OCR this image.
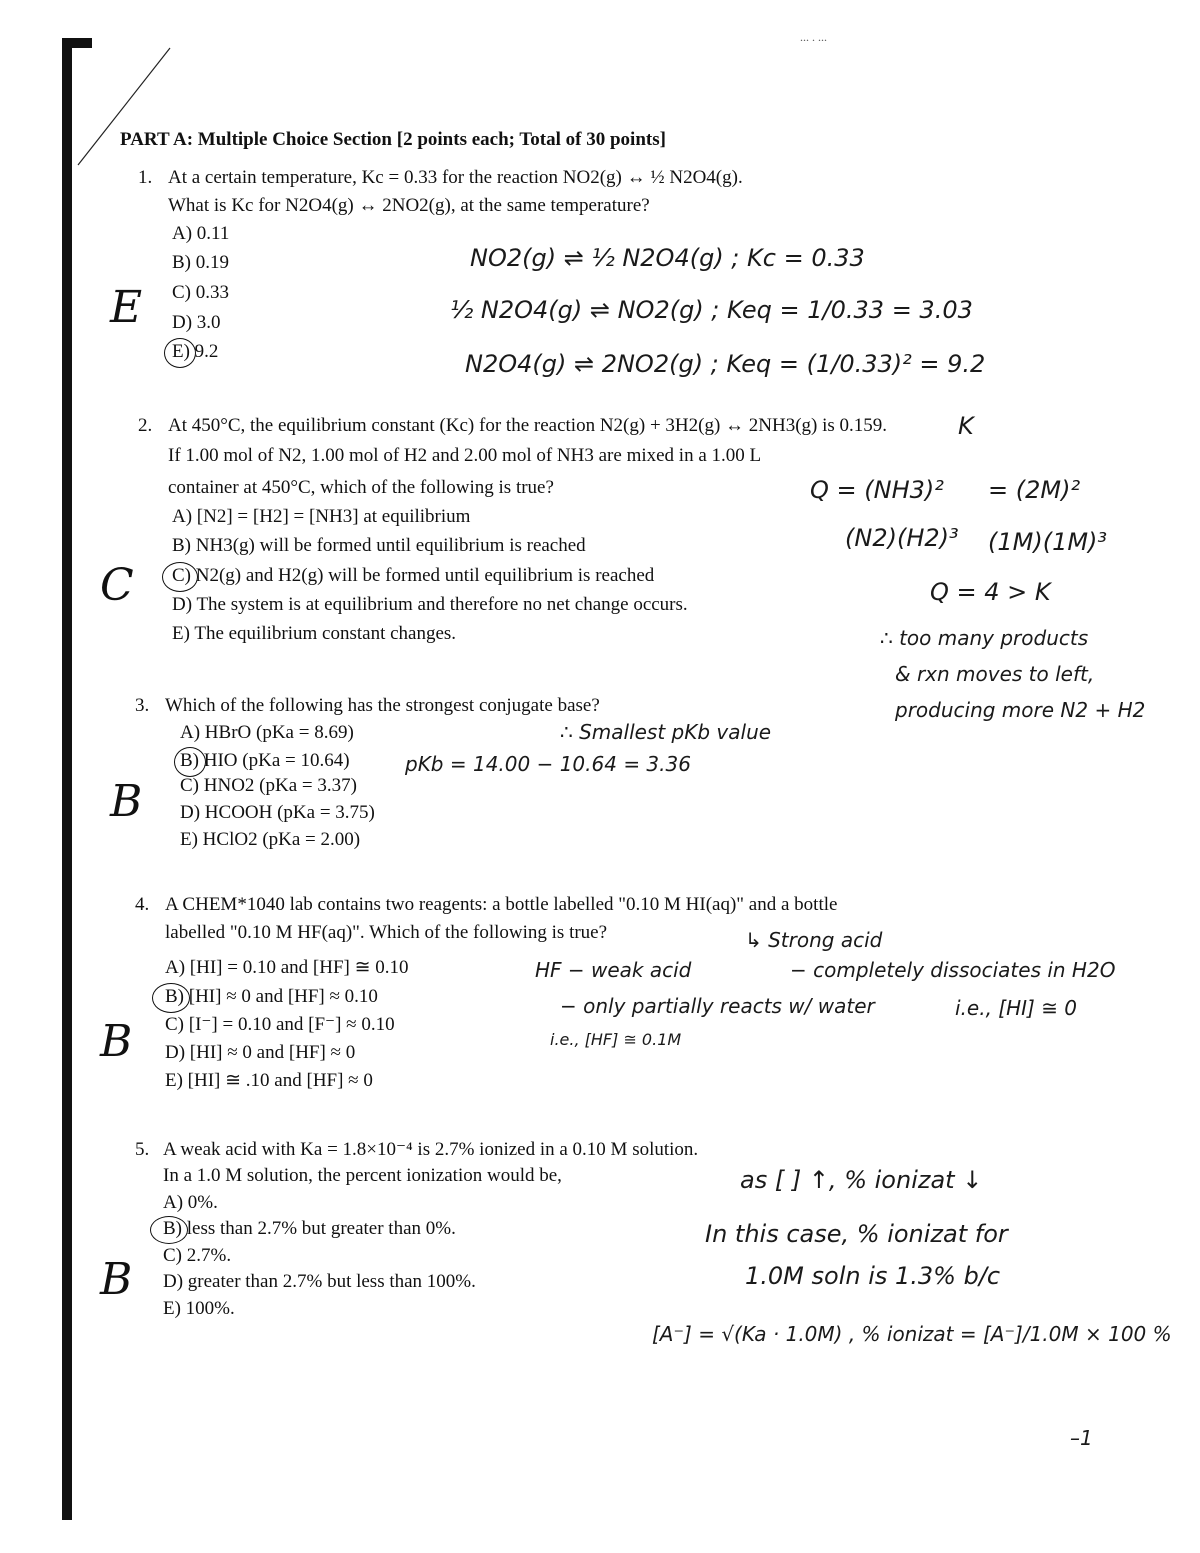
... . ...
PART A: Multiple Choice Section [2 points each; Total of 30 points]
1. At a certain temperature, Kc = 0.33 for the reaction NO2(g) ↔ ½ N2O4(g).
What is Kc for N2O4(g) ↔ 2NO2(g), at the same temperature?
A) 0.11
B) 0.19
C) 0.33
D) 3.0
E) 9.2
E
NO2(g) ⇌ ½ N2O4(g) ; Kc = 0.33
½ N2O4(g) ⇌ NO2(g) ; Keq = 1/0.33 = 3.03
N2O4(g) ⇌ 2NO2(g) ; Keq = (1/0.33)² = 9.2
2. At 450°C, the equilibrium constant (Kc) for the reaction N2(g) + 3H2(g) ↔ 2NH3(g) is 0.159.
If 1.00 mol of N2, 1.00 mol of H2 and 2.00 mol of NH3 are mixed in a 1.00 L
container at 450°C, which of the following is true?
A) [N2] = [H2] = [NH3] at equilibrium
B) NH3(g) will be formed until equilibrium is reached
C) N2(g) and H2(g) will be formed until equilibrium is reached
D) The system is at equilibrium and therefore no net change occurs.
E) The equilibrium constant changes.
C
K
Q = (NH3)²
(N2)(H2)³
= (2M)²
(1M)(1M)³
Q = 4 > K
∴ too many products
& rxn moves to left,
producing more N2 + H2
3. Which of the following has the strongest conjugate base?
A) HBrO (pKa = 8.69)
B) HIO (pKa = 10.64)
C) HNO2 (pKa = 3.37)
D) HCOOH (pKa = 3.75)
E) HClO2 (pKa = 2.00)
B
∴ Smallest pKb value
pKb = 14.00 − 10.64 = 3.36
4. A CHEM*1040 lab contains two reagents: a bottle labelled "0.10 M HI(aq)" and a bottle
labelled "0.10 M HF(aq)". Which of the following is true?
A) [HI] = 0.10 and [HF] ≅ 0.10
B) [HI] ≈ 0 and [HF] ≈ 0.10
C) [I⁻] = 0.10 and [F⁻] ≈ 0.10
D) [HI] ≈ 0 and [HF] ≈ 0
E) [HI] ≅ .10 and [HF] ≈ 0
B
↳ Strong acid
HF − weak acid	− completely dissociates in H2O
− only partially reacts w/ water	i.e., [HI] ≅ 0
i.e., [HF] ≅ 0.1M
5. A weak acid with Ka = 1.8×10⁻⁴ is 2.7% ionized in a 0.10 M solution.
In a 1.0 M solution, the percent ionization would be,
A) 0%.
B) less than 2.7% but greater than 0%.
C) 2.7%.
D) greater than 2.7% but less than 100%.
E) 100%.
B
as [ ] ↑, % ionizat ↓
In this case, % ionizat for
1.0M soln is 1.3% b/c
[A⁻] = √(Ka · 1.0M) , % ionizat = [A⁻]/1.0M × 100 %
–1
